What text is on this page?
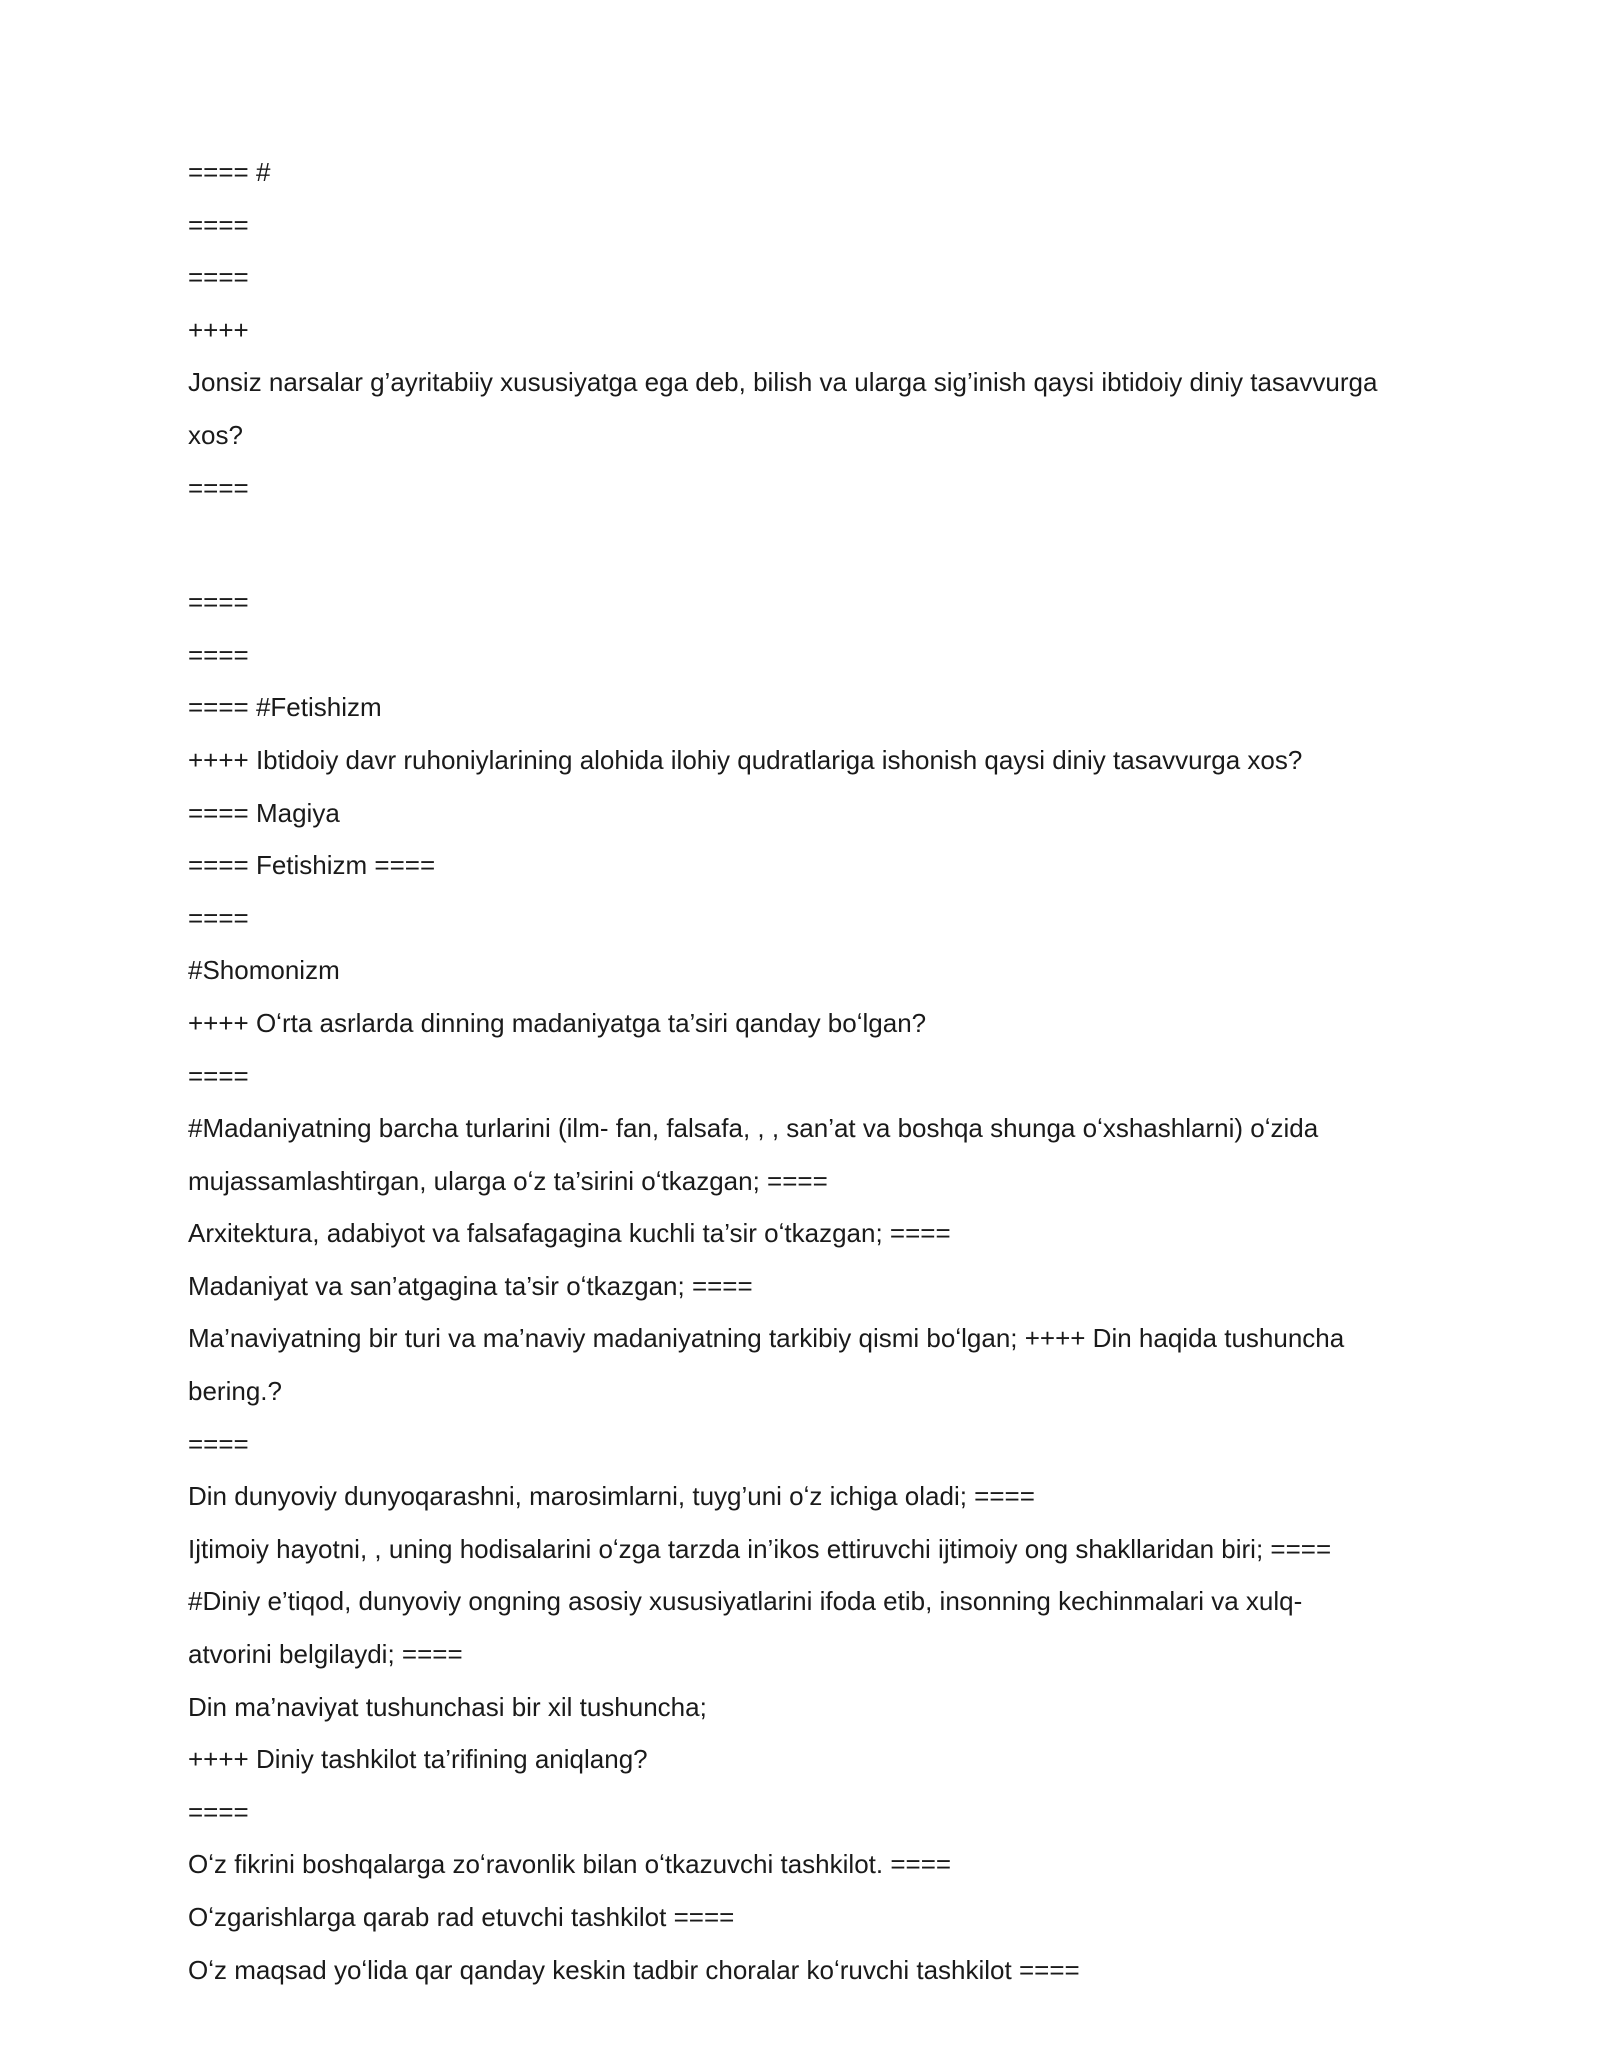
==== #
====
====
++++
Jonsiz narsalar g’ayritabiiy xususiyatga ega deb, bilish va ularga sig’inish qaysi ibtidoiy diniy tasavvurga
xos?
====
====
====
==== #Fetishizm
++++ Ibtidoiy davr ruhoniylarining alohida ilohiy qudratlariga ishonish qaysi diniy tasavvurga xos?
==== Magiya
==== Fetishizm ====
====
#Shomonizm
++++ Oʻrta asrlarda dinning madaniyatga ta’siri qanday boʻlgan?
====
#Madaniyatning barcha turlarini (ilm- fan, falsafa, , , san’at va boshqa shunga oʻxshashlarni) oʻzida
mujassamlashtirgan, ularga oʻz ta’sirini oʻtkazgan; ====
Arxitektura, adabiyot va falsafagagina kuchli ta’sir oʻtkazgan; ====
Madaniyat va san’atgagina ta’sir oʻtkazgan; ====
Ma’naviyatning bir turi va ma’naviy madaniyatning tarkibiy qismi boʻlgan; ++++ Din haqida tushuncha
bering.?
====
Din dunyoviy dunyoqarashni, marosimlarni, tuyg’uni oʻz ichiga oladi; ====
Ijtimoiy hayotni, , uning hodisalarini oʻzga tarzda in’ikos ettiruvchi ijtimoiy ong shakllaridan biri; ====
#Diniy e’tiqod, dunyoviy ongning asosiy xususiyatlarini ifoda etib, insonning kechinmalari va xulq-
atvorini belgilaydi; ====
Din ma’naviyat tushunchasi bir xil tushuncha;
++++ Diniy tashkilot ta’rifining aniqlang?
====
Oʻz fikrini boshqalarga zoʻravonlik bilan oʻtkazuvchi tashkilot. ====
Oʻzgarishlarga qarab rad etuvchi tashkilot ====
Oʻz maqsad yoʻlida qar qanday keskin tadbir choralar koʻruvchi tashkilot ====
